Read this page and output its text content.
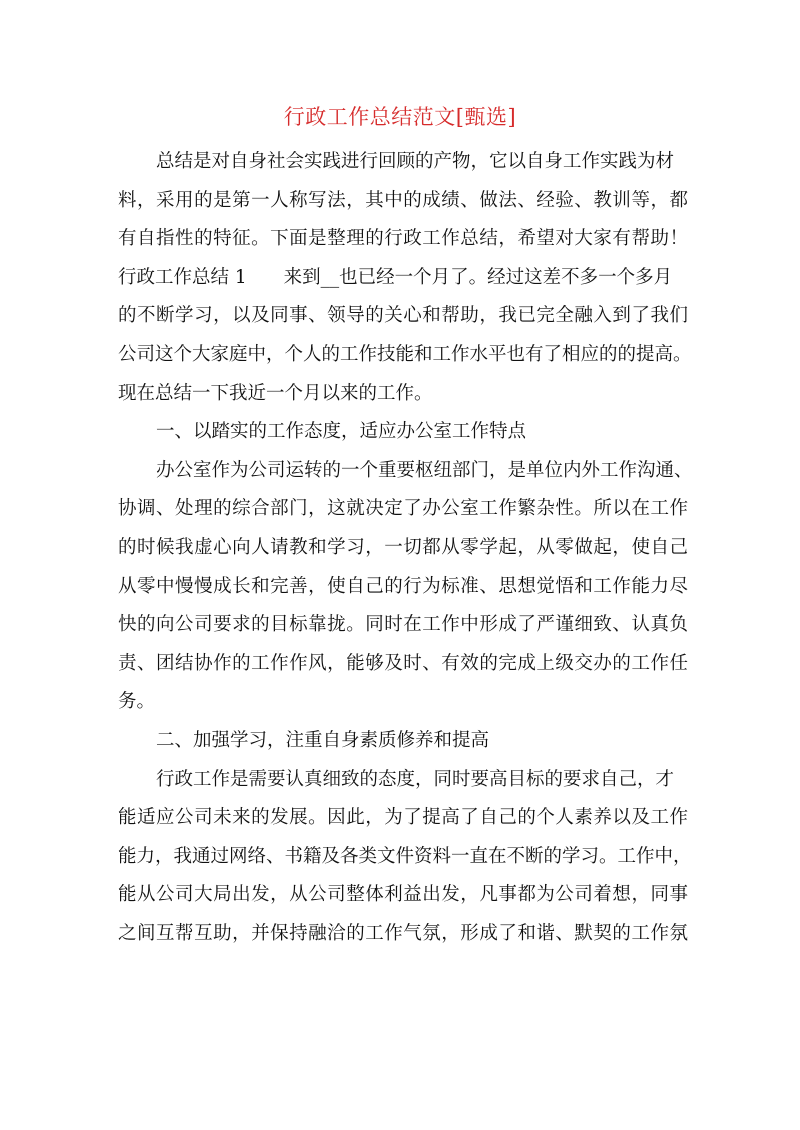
行政工作总结范文[甄选]
总结是对自身社会实践进行回顾的产物，它以自身工作实践为材
料，采用的是第一人称写法，其中的成绩、做法、经验、教训等，都
有自指性的特征。下面是整理的行政工作总结，希望对大家有帮助！
行政工作总结 1　　来到__也已经一个月了。经过这差不多一个多月
的不断学习，以及同事、领导的关心和帮助，我已完全融入到了我们
公司这个大家庭中，个人的工作技能和工作水平也有了相应的的提高。
现在总结一下我近一个月以来的工作。
一、以踏实的工作态度，适应办公室工作特点
办公室作为公司运转的一个重要枢纽部门，是单位内外工作沟通、
协调、处理的综合部门，这就决定了办公室工作繁杂性。所以在工作
的时候我虚心向人请教和学习，一切都从零学起，从零做起，使自己
从零中慢慢成长和完善，使自己的行为标准、思想觉悟和工作能力尽
快的向公司要求的目标靠拢。同时在工作中形成了严谨细致、认真负
责、团结协作的工作作风，能够及时、有效的完成上级交办的工作任
务。
二、加强学习，注重自身素质修养和提高
行政工作是需要认真细致的态度，同时要高目标的要求自己，才
能适应公司未来的发展。因此，为了提高了自己的个人素养以及工作
能力，我通过网络、书籍及各类文件资料一直在不断的学习。工作中，
能从公司大局出发，从公司整体利益出发，凡事都为公司着想，同事
之间互帮互助，并保持融洽的工作气氛，形成了和谐、默契的工作氛
